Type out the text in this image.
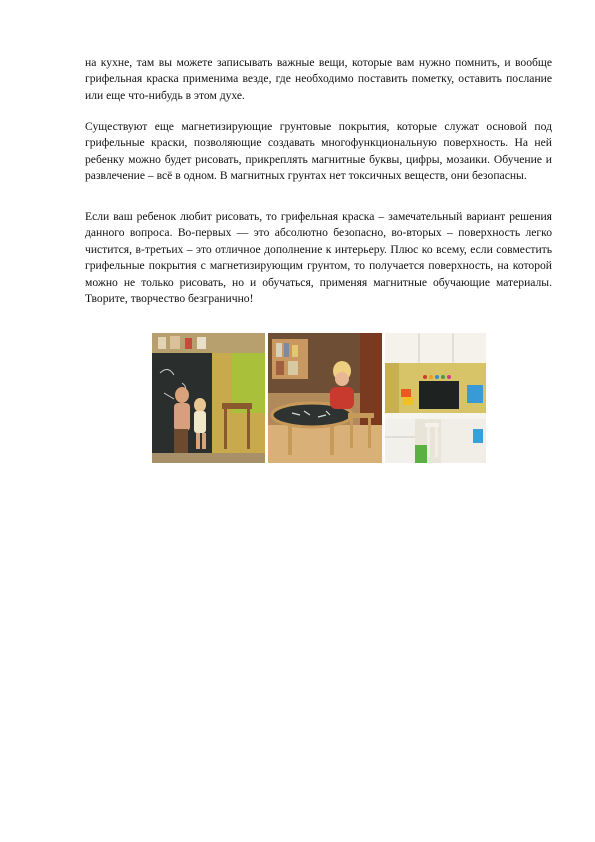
на кухне, там вы можете записывать важные вещи, которые вам нужно помнить, и вообще грифельная краска применима везде, где необходимо поставить пометку, оставить послание или еще что-нибудь в этом духе.

Существуют еще магнетизирующие грунтовые покрытия, которые служат основой под грифельные краски, позволяющие создавать многофункциональную поверхность. На ней ребенку можно будет рисовать, прикреплять магнитные буквы, цифры, мозаики. Обучение и развлечение – всё в одном. В магнитных грунтах нет токсичных веществ, они безопасны.

Если ваш ребенок любит рисовать, то грифельная краска – замечательный вариант решения данного вопроса. Во-первых — это абсолютно безопасно, во-вторых – поверхность легко чистится, в-третьих – это отличное дополнение к интерьеру. Плюс ко всему, если совместить грифельные покрытия с магнетизирующим грунтом, то получается поверхность, на которой можно не только рисовать, но и обучаться, применяя магнитные обучающие материалы. Творите, творчество безгранично!
